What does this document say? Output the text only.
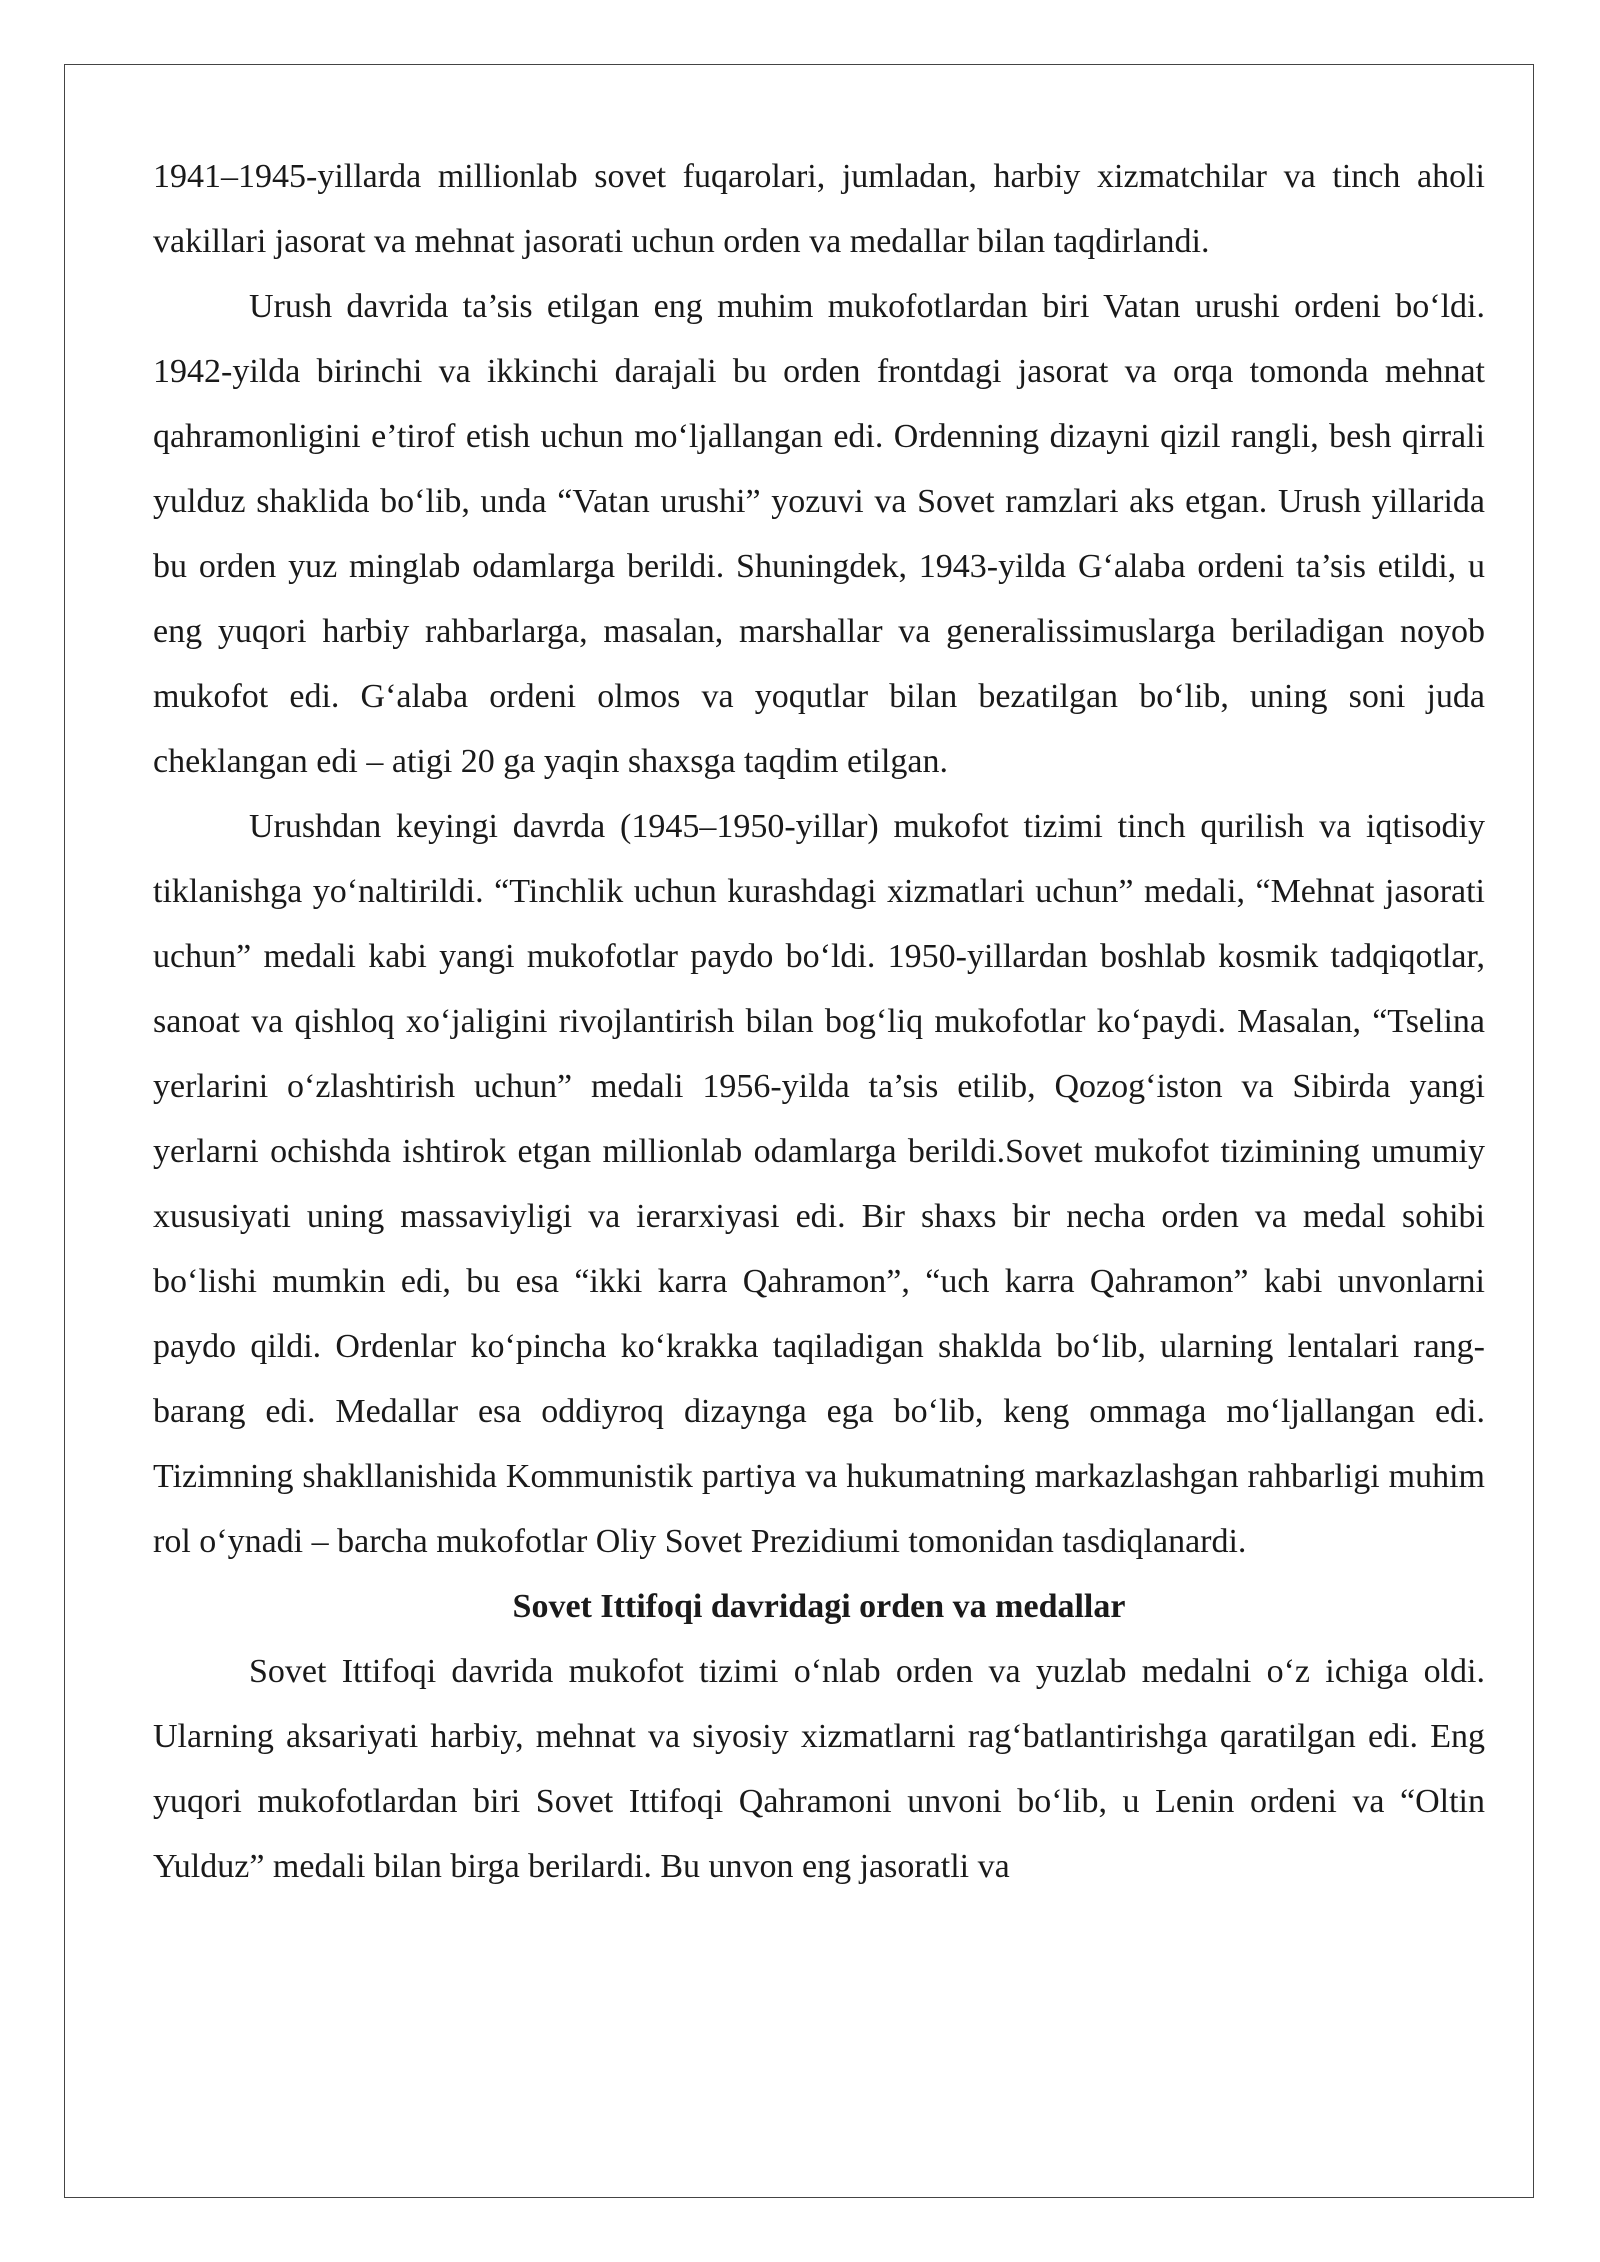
1941–1945-yillarda millionlab sovet fuqarolari, jumladan, harbiy xizmatchilar va tinch aholi vakillari jasorat va mehnat jasorati uchun orden va medallar bilan taqdirlandi.

Urush davrida ta’sis etilgan eng muhim mukofotlardan biri Vatan urushi ordeni bo‘ldi. 1942-yilda birinchi va ikkinchi darajali bu orden frontdagi jasorat va orqa tomonda mehnat qahramonligini e’tirof etish uchun mo‘ljallangan edi. Ordenning dizayni qizil rangli, besh qirrali yulduz shaklida bo‘lib, unda “Vatan urushi” yozuvi va Sovet ramzlari aks etgan. Urush yillarida bu orden yuz minglab odamlarga berildi. Shuningdek, 1943-yilda G‘alaba ordeni ta’sis etildi, u eng yuqori harbiy rahbarlarga, masalan, marshallar va generalissimuslarga beriladigan noyob mukofot edi. G‘alaba ordeni olmos va yoqutlar bilan bezatilgan bo‘lib, uning soni juda cheklangan edi – atigi 20 ga yaqin shaxsga taqdim etilgan.

Urushdan keyingi davrda (1945–1950-yillar) mukofot tizimi tinch qurilish va iqtisodiy tiklanishga yo‘naltirildi. “Tinchlik uchun kurashdagi xizmatlari uchun” medali, “Mehnat jasorati uchun” medali kabi yangi mukofotlar paydo bo‘ldi. 1950-yillardan boshlab kosmik tadqiqotlar, sanoat va qishloq xo‘jaligini rivojlantirish bilan bog‘liq mukofotlar ko‘paydi. Masalan, “Tselina yerlarini o‘zlashtirish uchun” medali 1956-yilda ta’sis etilib, Qozog‘iston va Sibirda yangi yerlarni ochishda ishtirok etgan millionlab odamlarga berildi.Sovet mukofot tizimining umumiy xususiyati uning massaviyligi va ierarxiyasi edi. Bir shaxs bir necha orden va medal sohibi bo‘lishi mumkin edi, bu esa “ikki karra Qahramon”, “uch karra Qahramon” kabi unvonlarni paydo qildi. Ordenlar ko‘pincha ko‘krakka taqiladigan shaklda bo‘lib, ularning lentalari rang-barang edi. Medallar esa oddiyroq dizaynga ega bo‘lib, keng ommaga mo‘ljallangan edi. Tizimning shakllanishida Kommunistik partiya va hukumatning markazlashgan rahbarligi muhim rol o‘ynadi – barcha mukofotlar Oliy Sovet Prezidiumi tomonidan tasdiqlanardi.

Sovet Ittifoqi davridagi orden va medallar

Sovet Ittifoqi davrida mukofot tizimi o‘nlab orden va yuzlab medalni o‘z ichiga oldi. Ularning aksariyati harbiy, mehnat va siyosiy xizmatlarni rag‘batlantirishga qaratilgan edi. Eng yuqori mukofotlardan biri Sovet Ittifoqi Qahramoni unvoni bo‘lib, u Lenin ordeni va “Oltin Yulduz” medali bilan birga berilardi. Bu unvon eng jasoratli va
